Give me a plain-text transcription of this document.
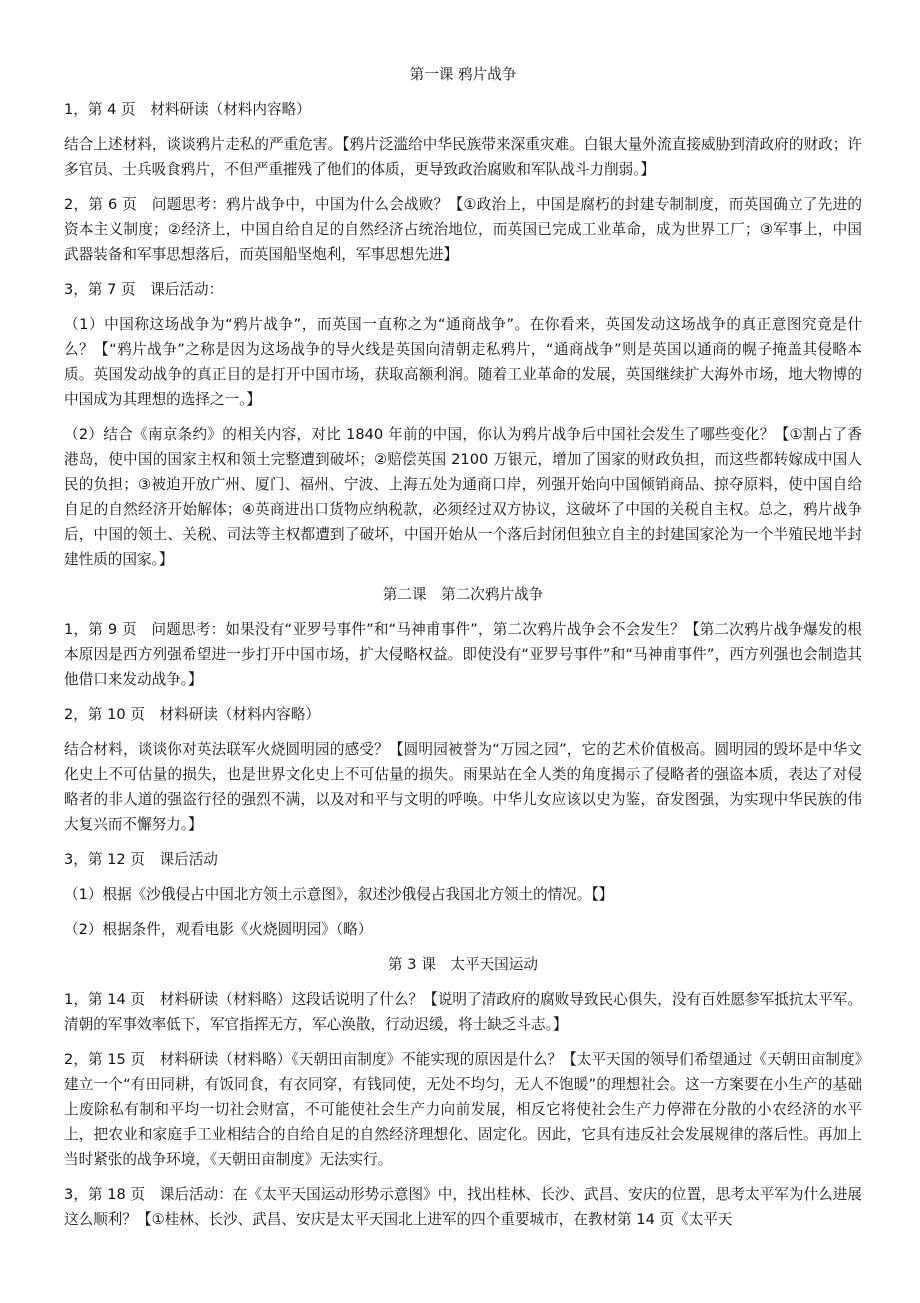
第一课 鸦片战争

1，第 4 页　材料研读（材料内容略）

结合上述材料，谈谈鸦片走私的严重危害。【鸦片泛滥给中华民族带来深重灾难。白银大量外流直接威胁到清政府的财政；许多官员、士兵吸食鸦片，不但严重摧残了他们的体质，更导致政治腐败和军队战斗力削弱。】

2，第 6 页　问题思考：鸦片战争中，中国为什么会战败？【①政治上，中国是腐朽的封建专制制度，而英国确立了先进的资本主义制度；②经济上，中国自给自足的自然经济占统治地位，而英国已完成工业革命，成为世界工厂；③军事上，中国武器装备和军事思想落后，而英国船坚炮利，军事思想先进】

3，第 7 页　课后活动：

（1）中国称这场战争为“鸦片战争”，而英国一直称之为“通商战争”。在你看来，英国发动这场战争的真正意图究竟是什么？【“鸦片战争”之称是因为这场战争的导火线是英国向清朝走私鸦片，“通商战争”则是英国以通商的幌子掩盖其侵略本质。英国发动战争的真正目的是打开中国市场，获取高额利润。随着工业革命的发展，英国继续扩大海外市场，地大物博的中国成为其理想的选择之一。】

（2）结合《南京条约》的相关内容，对比 1840 年前的中国，你认为鸦片战争后中国社会发生了哪些变化？【①割占了香港岛，使中国的国家主权和领土完整遭到破坏；②赔偿英国 2100 万银元，增加了国家的财政负担，而这些都转嫁成中国人民的负担；③被迫开放广州、厦门、福州、宁波、上海五处为通商口岸，列强开始向中国倾销商品、掠夺原料，使中国自给自足的自然经济开始解体；④英商进出口货物应纳税款，必须经过双方协议，这破坏了中国的关税自主权。总之，鸦片战争后，中国的领土、关税、司法等主权都遭到了破坏，中国开始从一个落后封闭但独立自主的封建国家沦为一个半殖民地半封建性质的国家。】

第二课　第二次鸦片战争

1，第 9 页　问题思考：如果没有“亚罗号事件”和“马神甫事件”，第二次鸦片战争会不会发生？【第二次鸦片战争爆发的根本原因是西方列强希望进一步打开中国市场，扩大侵略权益。即使没有“亚罗号事件”和“马神甫事件”，西方列强也会制造其他借口来发动战争。】

2，第 10 页　材料研读（材料内容略）

结合材料，谈谈你对英法联军火烧圆明园的感受？【圆明园被誉为“万园之园”，它的艺术价值极高。圆明园的毁坏是中华文化史上不可估量的损失，也是世界文化史上不可估量的损失。雨果站在全人类的角度揭示了侵略者的强盗本质，表达了对侵略者的非人道的强盗行径的强烈不满，以及对和平与文明的呼唤。中华儿女应该以史为鉴，奋发图强，为实现中华民族的伟大复兴而不懈努力。】

3，第 12 页　课后活动

（1）根据《沙俄侵占中国北方领土示意图》，叙述沙俄侵占我国北方领土的情况。【】

（2）根据条件，观看电影《火烧圆明园》（略）

第 3 课　太平天国运动

1，第 14 页　材料研读（材料略）这段话说明了什么？【说明了清政府的腐败导致民心俱失，没有百姓愿参军抵抗太平军。清朝的军事效率低下，军官指挥无方，军心涣散，行动迟缓，将士缺乏斗志。】

2，第 15 页　材料研读（材料略）《天朝田亩制度》不能实现的原因是什么？【太平天国的领导们希望通过《天朝田亩制度》建立一个“有田同耕，有饭同食，有衣同穿，有钱同使，无处不均匀，无人不饱暖”的理想社会。这一方案要在小生产的基础上废除私有制和平均一切社会财富，不可能使社会生产力向前发展，相反它将使社会生产力停滞在分散的小农经济的水平上，把农业和家庭手工业相结合的自给自足的自然经济理想化、固定化。因此，它具有违反社会发展规律的落后性。再加上当时紧张的战争环境，《天朝田亩制度》无法实行。

3，第 18 页　课后活动：在《太平天国运动形势示意图》中，找出桂林、长沙、武昌、安庆的位置，思考太平军为什么进展这么顺利？【①桂林、长沙、武昌、安庆是太平天国北上进军的四个重要城市，在教材第 14 页《太平天
